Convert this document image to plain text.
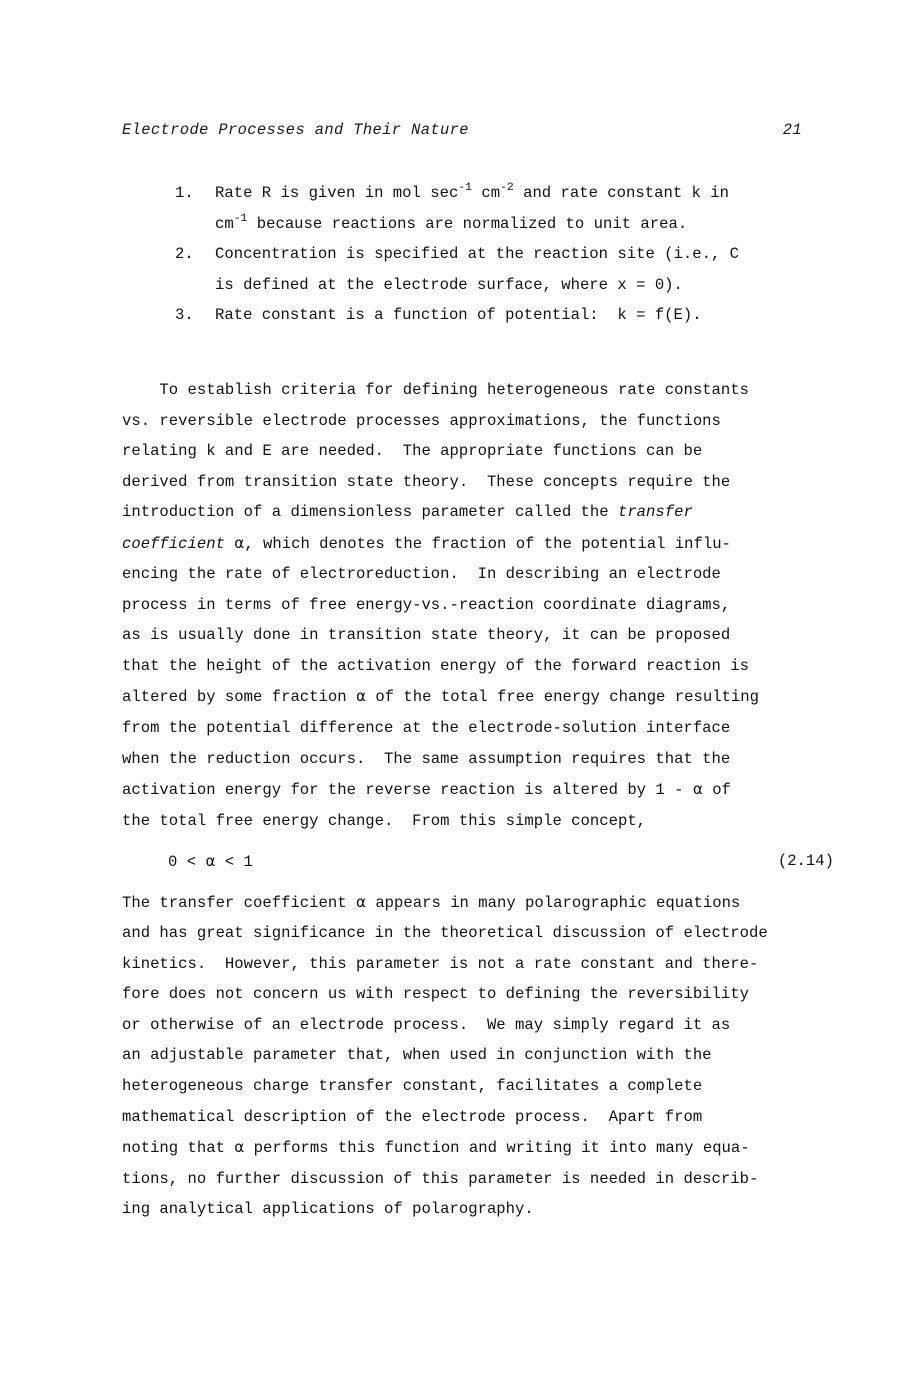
Electrode Processes and Their Nature	21
1.	Rate R is given in mol $\sec^{-1} cm^{-2}$ and rate constant k in
$cm^{-1}$ because reactions are normalized to unit area.
2.	Concentration is specified at the reaction site (i.e., C
is defined at the electrode surface, where x = 0).
3.	Rate constant is a function of potential:  k = f(E).
To establish criteria for defining heterogeneous rate constants
vs. reversible electrode processes approximations, the functions
relating k and E are needed.  The appropriate functions can be
derived from transition state theory.  These concepts require the
introduction of a dimensionless parameter called the transfer
coefficient α, which denotes the fraction of the potential influ-
encing the rate of electroreduction.  In describing an electrode
process in terms of free energy-vs.-reaction coordinate diagrams,
as is usually done in transition state theory, it can be proposed
that the height of the activation energy of the forward reaction is
altered by some fraction α of the total free energy change resulting
from the potential difference at the electrode-solution interface
when the reduction occurs.  The same assumption requires that the
activation energy for the reverse reaction is altered by 1 - α of
the total free energy change.  From this simple concept,
0 < α < 1	(2.14)
The transfer coefficient α appears in many polarographic equations
and has great significance in the theoretical discussion of electrode
kinetics.  However, this parameter is not a rate constant and there-
fore does not concern us with respect to defining the reversibility
or otherwise of an electrode process.  We may simply regard it as
an adjustable parameter that, when used in conjunction with the
heterogeneous charge transfer constant, facilitates a complete
mathematical description of the electrode process.  Apart from
noting that α performs this function and writing it into many equa-
tions, no further discussion of this parameter is needed in describ-
ing analytical applications of polarography.
